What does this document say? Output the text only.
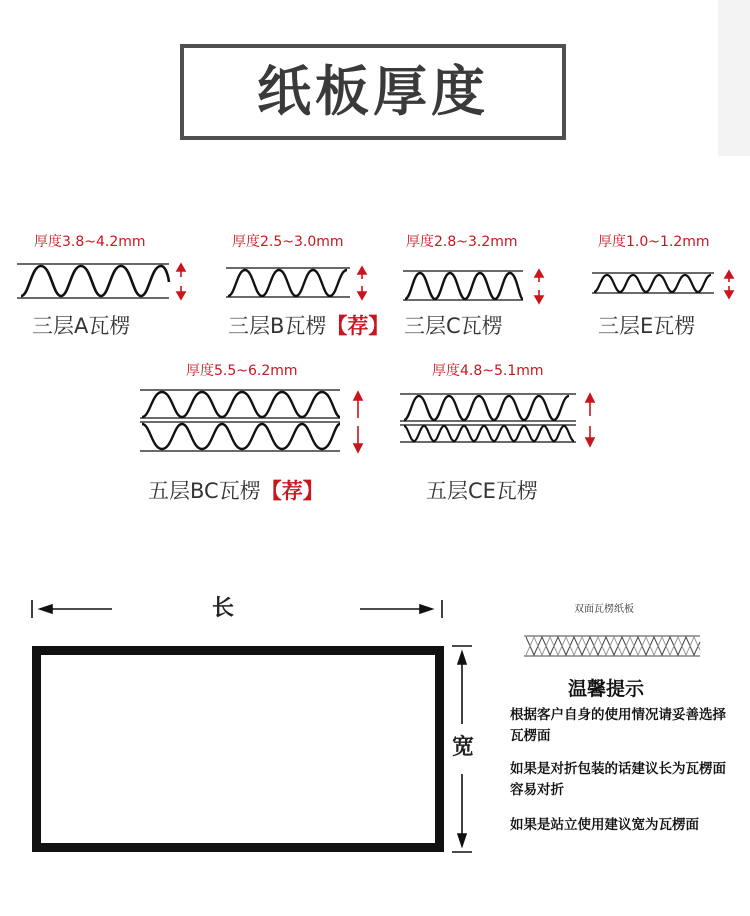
纸板厚度
厚度3.8~4.2mm
三层A瓦楞
厚度2.5~3.0mm
三层B瓦楞【荐】
厚度2.8~3.2mm
三层C瓦楞
厚度1.0~1.2mm
三层E瓦楞
厚度5.5~6.2mm
五层BC瓦楞【荐】
厚度4.8~5.1mm
五层CE瓦楞
长
宽
双面瓦楞纸板
温馨提示
根据客户自身的使用情况请妥善选择瓦楞面
如果是对折包装的话建议长为瓦楞面容易对折
如果是站立使用建议宽为瓦楞面
